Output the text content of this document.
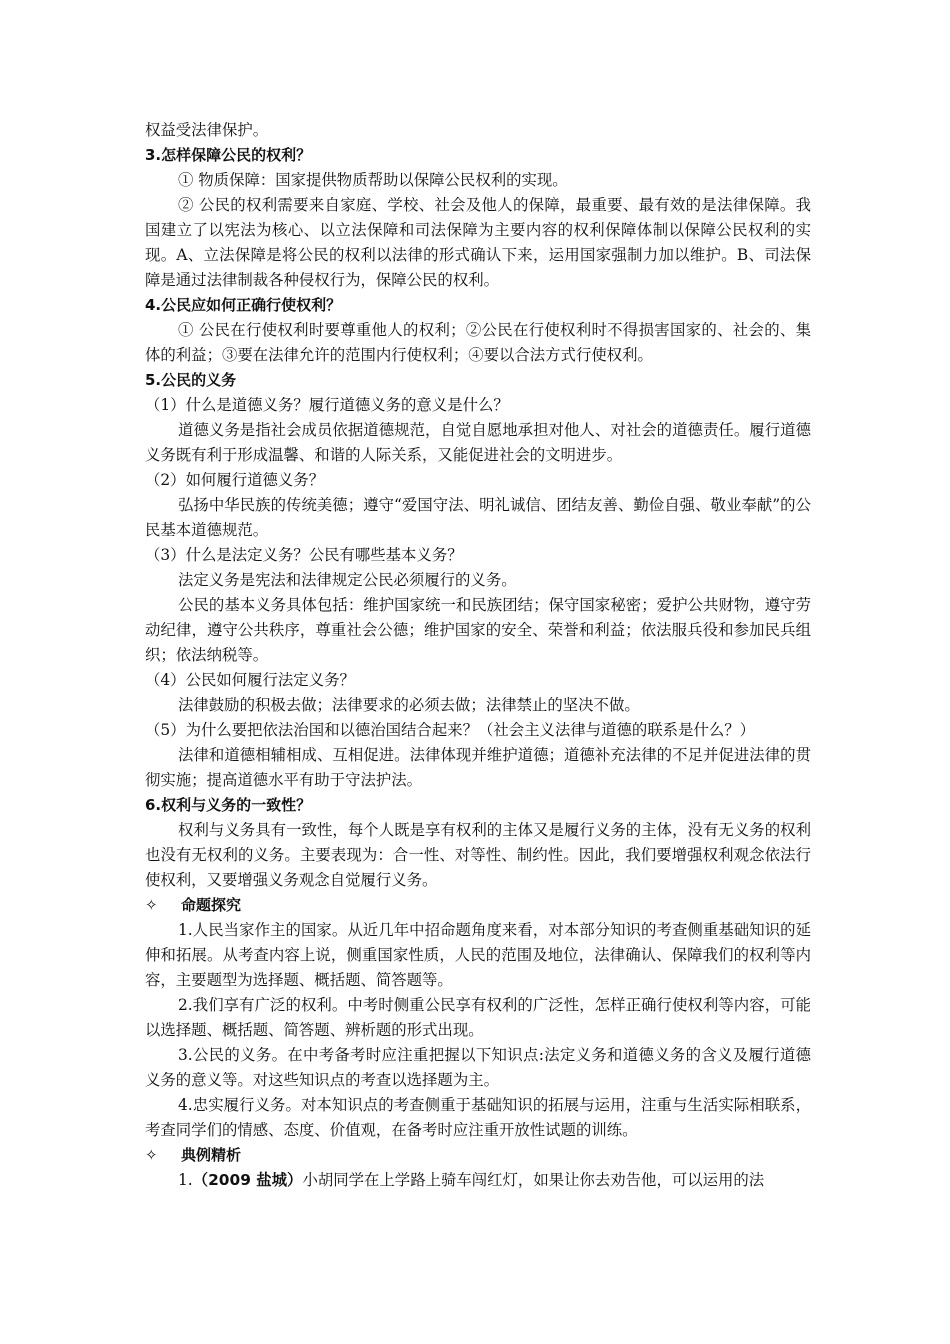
权益受法律保护。

3.怎样保障公民的权利？

① 物质保障：国家提供物质帮助以保障公民权利的实现。

② 公民的权利需要来自家庭、学校、社会及他人的保障，最重要、最有效的是法律保障。我国建立了以宪法为核心、以立法保障和司法保障为主要内容的权利保障体制以保障公民权利的实现。A、立法保障是将公民的权利以法律的形式确认下来，运用国家强制力加以维护。B、司法保障是通过法律制裁各种侵权行为，保障公民的权利。

4.公民应如何正确行使权利？

① 公民在行使权利时要尊重他人的权利；②公民在行使权利时不得损害国家的、社会的、集体的利益；③要在法律允许的范围内行使权利；④要以合法方式行使权利。

5.公民的义务

（1）什么是道德义务？履行道德义务的意义是什么？

道德义务是指社会成员依据道德规范，自觉自愿地承担对他人、对社会的道德责任。履行道德义务既有利于形成温馨、和谐的人际关系，又能促进社会的文明进步。

（2）如何履行道德义务？

弘扬中华民族的传统美德；遵守“爱国守法、明礼诚信、团结友善、勤俭自强、敬业奉献”的公民基本道德规范。

（3）什么是法定义务？公民有哪些基本义务？

法定义务是宪法和法律规定公民必须履行的义务。

公民的基本义务具体包括：维护国家统一和民族团结；保守国家秘密；爱护公共财物，遵守劳动纪律，遵守公共秩序，尊重社会公德；维护国家的安全、荣誉和利益；依法服兵役和参加民兵组织；依法纳税等。

（4）公民如何履行法定义务？

法律鼓励的积极去做；法律要求的必须去做；法律禁止的坚决不做。

（5）为什么要把依法治国和以德治国结合起来？（社会主义法律与道德的联系是什么？）

法律和道德相辅相成、互相促进。法律体现并维护道德；道德补充法律的不足并促进法律的贯彻实施；提高道德水平有助于守法护法。

6.权利与义务的一致性？

权利与义务具有一致性，每个人既是享有权利的主体又是履行义务的主体，没有无义务的权利也没有无权利的义务。主要表现为：合一性、对等性、制约性。因此，我们要增强权利观念依法行使权利，又要增强义务观念自觉履行义务。

✧	命题探究

1.人民当家作主的国家。从近几年中招命题角度来看，对本部分知识的考查侧重基础知识的延伸和拓展。从考查内容上说，侧重国家性质，人民的范围及地位，法律确认、保障我们的权利等内容，主要题型为选择题、概括题、简答题等。

2.我们享有广泛的权利。中考时侧重公民享有权利的广泛性，怎样正确行使权利等内容，可能以选择题、概括题、简答题、辨析题的形式出现。

3.公民的义务。在中考备考时应注重把握以下知识点:法定义务和道德义务的含义及履行道德义务的意义等。对这些知识点的考查以选择题为主。

4.忠实履行义务。对本知识点的考查侧重于基础知识的拓展与运用，注重与生活实际相联系，考查同学们的情感、态度、价值观，在备考时应注重开放性试题的训练。

✧	典例精析

1.（2009 盐城）小胡同学在上学路上骑车闯红灯，如果让你去劝告他，可以运用的法
